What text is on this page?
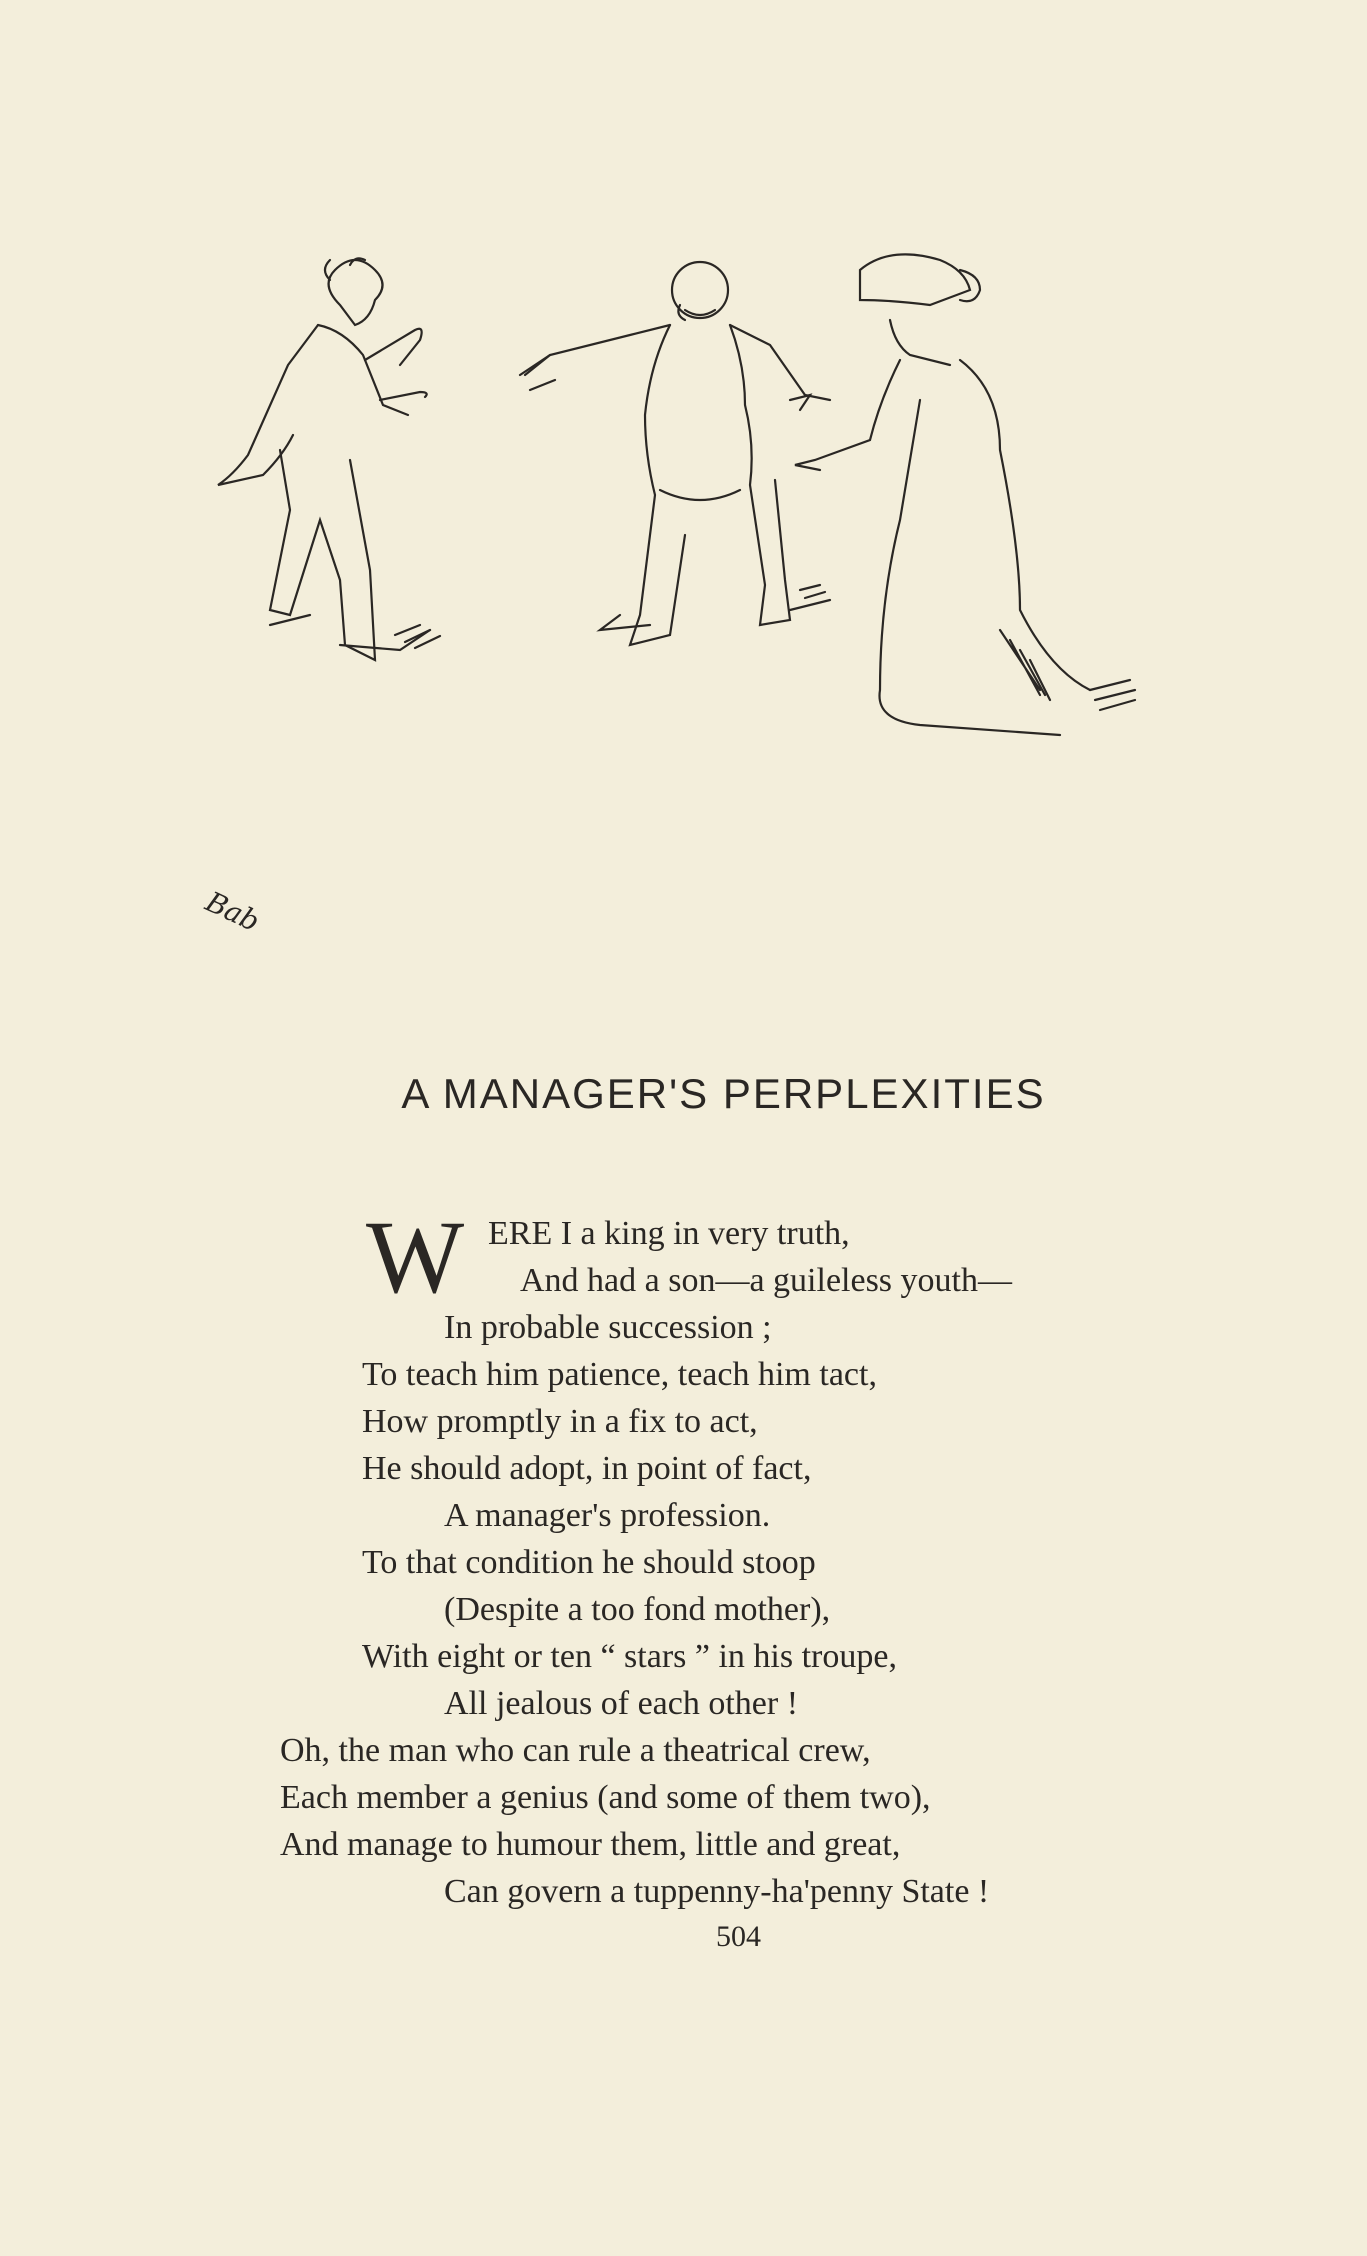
Bab
A MANAGER'S PERPLEXITIES
W ERE I a king in very truth,
And had a son—a guileless youth—
In probable succession ;
To teach him patience, teach him tact,
How promptly in a fix to act,
He should adopt, in point of fact,
A manager's profession.
To that condition he should stoop
(Despite a too fond mother),
With eight or ten “ stars ” in his troupe,
All jealous of each other !
Oh, the man who can rule a theatrical crew,
Each member a genius (and some of them two),
And manage to humour them, little and great,
Can govern a tuppenny-ha'penny State !
504
